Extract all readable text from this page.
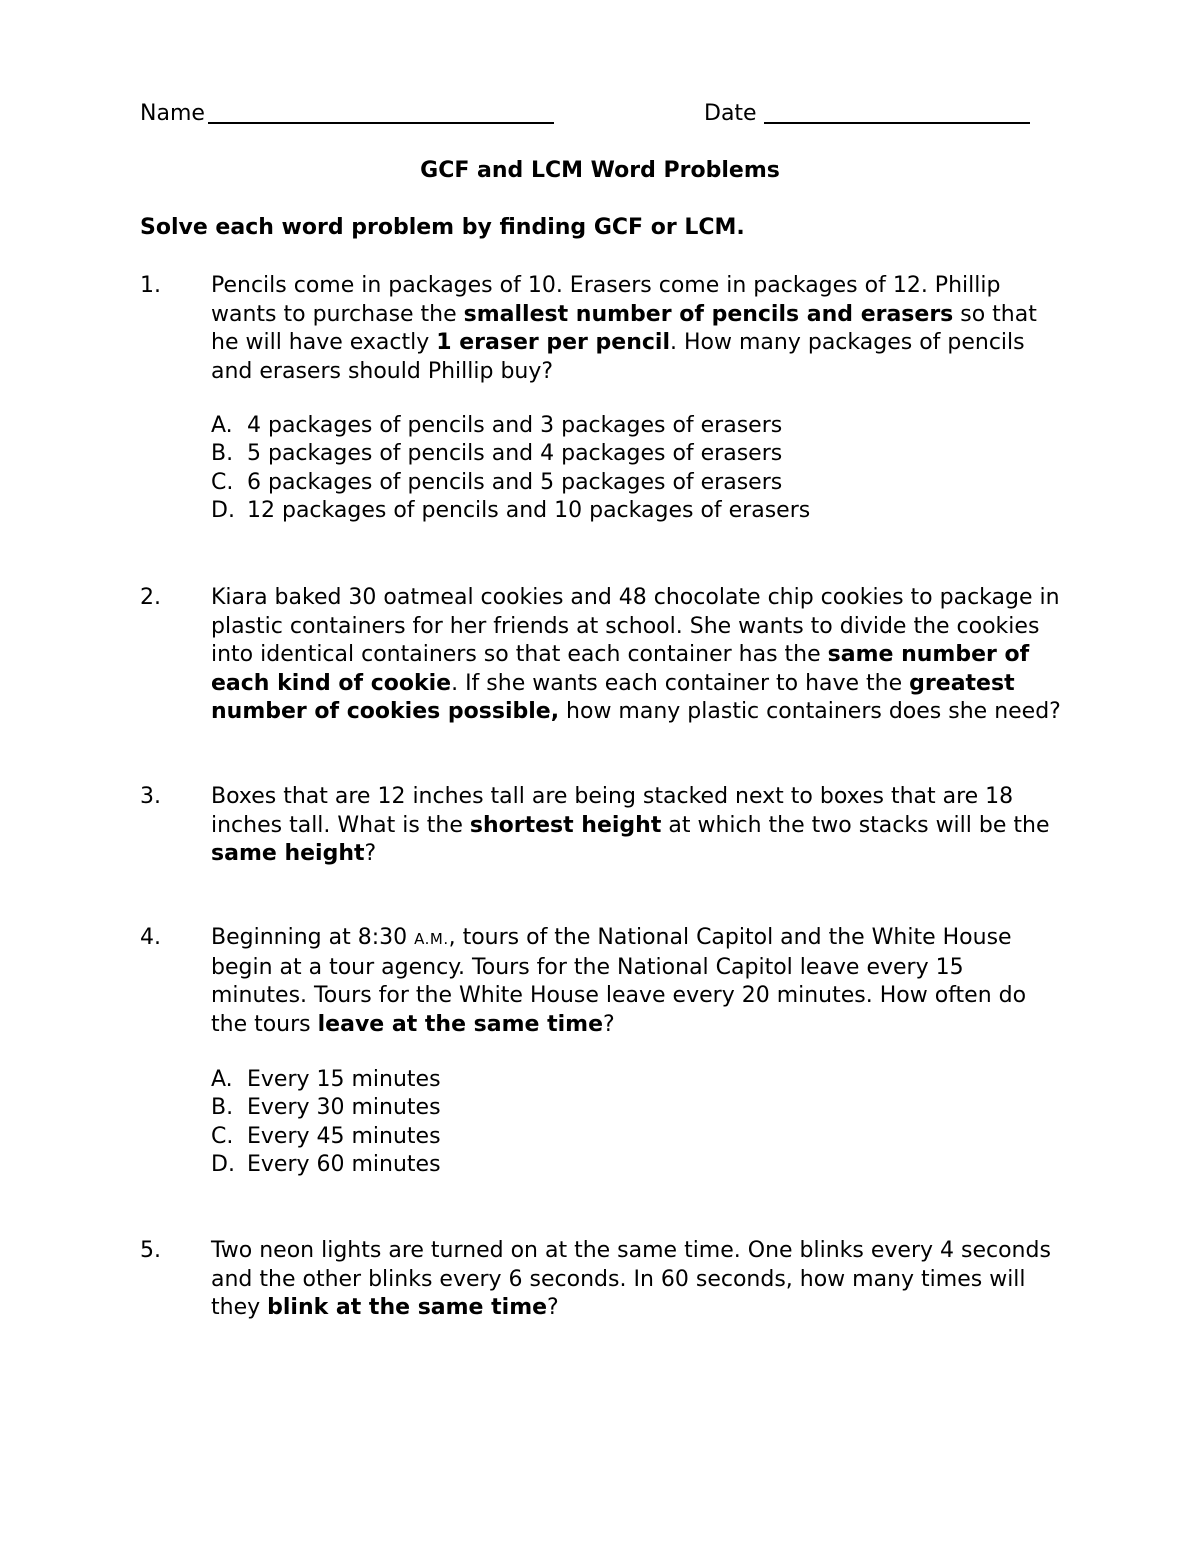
Name	Date
GCF and LCM Word Problems
Solve each word problem by finding GCF or LCM.
1. Pencils come in packages of 10. Erasers come in packages of 12. Phillip wants to purchase the smallest number of pencils and erasers so that he will have exactly 1 eraser per pencil. How many packages of pencils and erasers should Phillip buy?
A. 4 packages of pencils and 3 packages of erasers
B. 5 packages of pencils and 4 packages of erasers
C. 6 packages of pencils and 5 packages of erasers
D. 12 packages of pencils and 10 packages of erasers
2. Kiara baked 30 oatmeal cookies and 48 chocolate chip cookies to package in plastic containers for her friends at school. She wants to divide the cookies into identical containers so that each container has the same number of each kind of cookie. If she wants each container to have the greatest number of cookies possible, how many plastic containers does she need?
3. Boxes that are 12 inches tall are being stacked next to boxes that are 18 inches tall. What is the shortest height at which the two stacks will be the same height?
4. Beginning at 8:30 A.M., tours of the National Capitol and the White House begin at a tour agency. Tours for the National Capitol leave every 15 minutes. Tours for the White House leave every 20 minutes. How often do the tours leave at the same time?
A. Every 15 minutes
B. Every 30 minutes
C. Every 45 minutes
D. Every 60 minutes
5. Two neon lights are turned on at the same time. One blinks every 4 seconds and the other blinks every 6 seconds. In 60 seconds, how many times will they blink at the same time?
